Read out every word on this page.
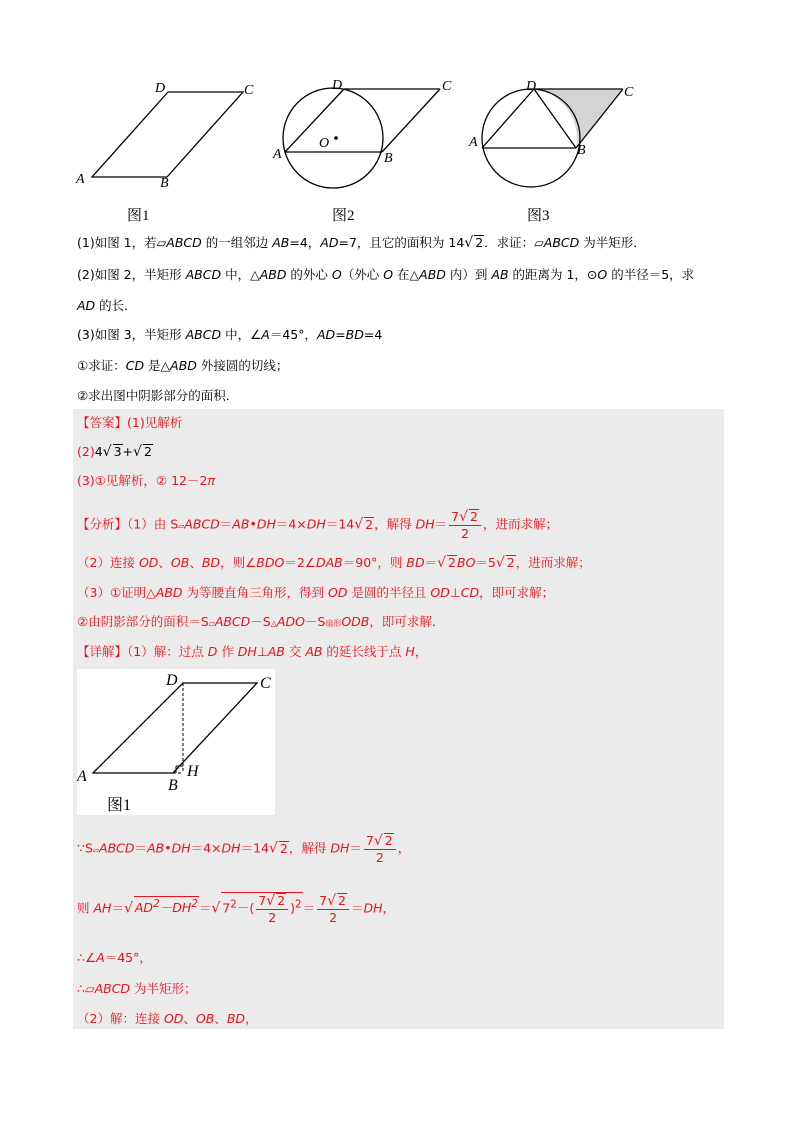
A	B
C
D
图1
A	B
C
D
O
图2
A
B
C
D
图3
(1)如图 1，若▱ABCD 的一组邻边 AB=4，AD=7，且它的面积为 14√ 2．求证：▱ABCD 为半矩形．
(2)如图 2，半矩形 ABCD 中，△ABD 的外心 O（外心 O 在△ABD 内）到 AB 的距离为 1，⊙O 的半径＝5，求
AD 的长．
(3)如图 3，半矩形 ABCD 中，∠A＝45°，AD=BD=4
①求证：CD 是△ABD 外接圆的切线；
②求出图中阴影部分的面积．
【答案】(1)见解析
(2)4√ 3+√ 2
(3)①见解析，② 12－2π
【分析】（1）由 S▱ABCD＝AB•DH＝4×DH＝14√ 2，解得 $DH= \frac{7√ 2}{2}$ ，进而求解；
（2）连接 OD、OB、BD，则∠BDO＝2∠DAB＝90°，则 BD＝√ 2BO＝5√ 2，进而求解；
（3）①证明△ABD 为等腰直角三角形，得到 OD 是圆的半径且 OD⊥CD，即可求解；
②由阴影部分的面积＝S▱ABCD－S△ADO－S扇形ODB，即可求解．
【详解】（1）解：过点 D 作 DH⊥AB 交 AB 的延长线于点 H，
A
B
H
C
D
图1
∵S▱ABCD＝AB•DH＝4×DH＝14√ 2，解得 $DH= \frac{7√ 2}{2}$ ，
则 AH＝√ $AD^2-DH^2=√$ $7^2-( \frac{7√ 2}{2} )^2= \frac{7√ 2}{2} =DH$，
∴∠A＝45°，
∴▱ABCD 为半矩形；
（2）解：连接 OD、OB、BD，
